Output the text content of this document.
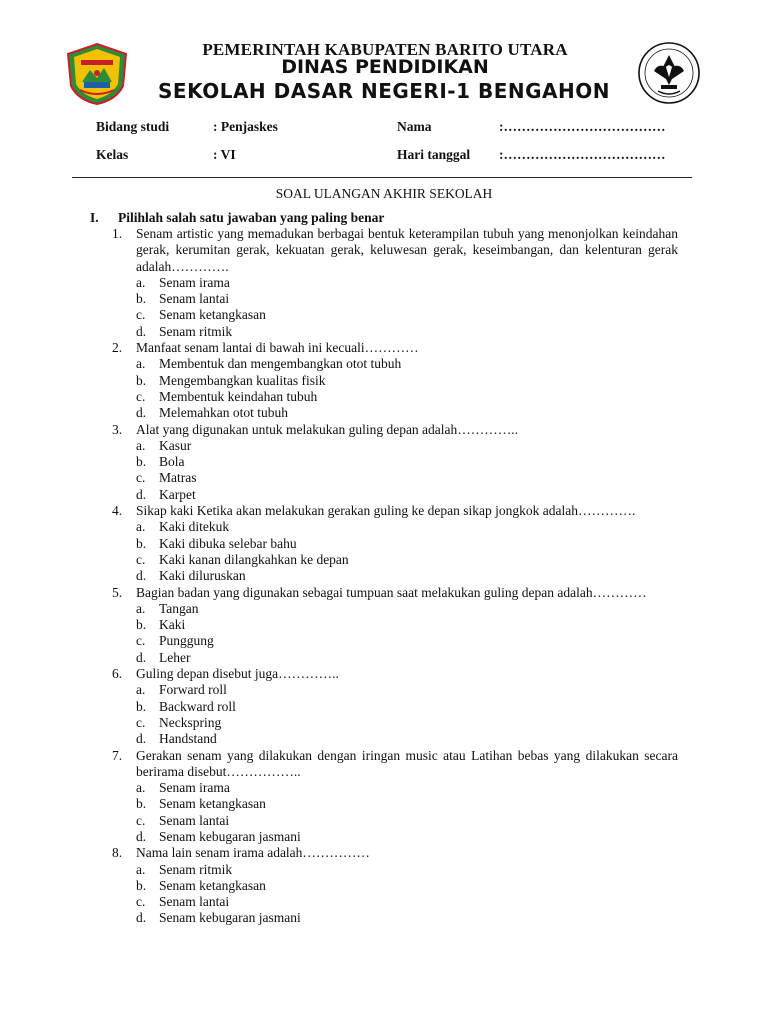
PEMERINTAH KABUPATEN BARITO UTARA
DINAS PENDIDIKAN
SEKOLAH DASAR NEGERI-1 BENGAHON
Bidang studi	: Penjaskes	Nama	:………………………………
Kelas	: VI	Hari tanggal :………………………………
SOAL ULANGAN AKHIR SEKOLAH
I. Pilihlah salah satu jawaban yang paling benar
1. Senam artistic yang memadukan berbagai bentuk keterampilan tubuh yang menonjolkan keindahan gerak, kerumitan gerak, kekuatan gerak, keluwesan gerak, keseimbangan, dan kelenturan gerak adalah………….
a. Senam irama
b. Senam lantai
c. Senam ketangkasan
d. Senam ritmik
2. Manfaat senam lantai di bawah ini kecuali…………
a. Membentuk dan mengembangkan otot tubuh
b. Mengembangkan kualitas fisik
c. Membentuk keindahan tubuh
d. Melemahkan otot tubuh
3. Alat yang digunakan untuk melakukan guling depan adalah…………..
a. Kasur
b. Bola
c. Matras
d. Karpet
4. Sikap kaki Ketika akan melakukan gerakan guling ke depan sikap jongkok adalah………….
a. Kaki ditekuk
b. Kaki dibuka selebar bahu
c. Kaki kanan dilangkahkan ke depan
d. Kaki diluruskan
5. Bagian badan yang digunakan sebagai tumpuan saat melakukan guling depan adalah…………
a. Tangan
b. Kaki
c. Punggung
d. Leher
6. Guling depan disebut juga…………..
a. Forward roll
b. Backward roll
c. Neckspring
d. Handstand
7. Gerakan senam yang dilakukan dengan iringan music atau Latihan bebas yang dilakukan secara berirama disebut……………..
a. Senam irama
b. Senam ketangkasan
c. Senam lantai
d. Senam kebugaran jasmani
8. Nama lain senam irama adalah……………
a. Senam ritmik
b. Senam ketangkasan
c. Senam lantai
d. Senam kebugaran jasmani
